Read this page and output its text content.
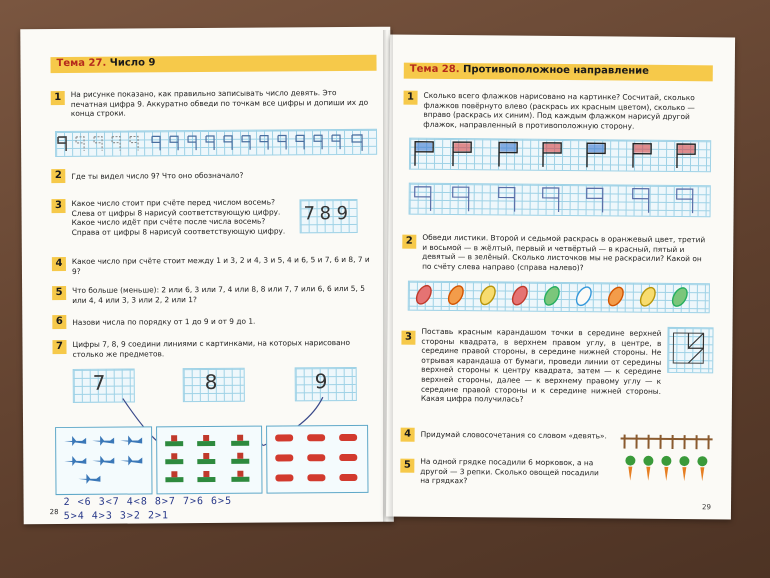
Тема 27. Число 9
1	На рисунке показано, как правильно записывать число девять. Это печатная цифра 9. Аккуратно обведи по точкам все цифры и допиши их до конца строки.
2	Где ты видел число 9? Что оно обозначало?
3	Какое число стоит при счёте перед числом восемь? Слева от цифры 8 нарисуй соответствующую цифру. Какое число идёт при счёте после числа восемь? Справа от цифры 8 нарисуй соответствующую цифру.
7 8 9
4	Какое число при счёте стоит между 1 и 3, 2 и 4, 3 и 5, 4 и 6, 5 и 7, 6 и 8, 7 и 9?
5	Что больше (меньше): 2 или 6, 3 или 7, 4 или 8, 8 или 7, 7 или 6, 6 или 5, 5 или 4, 4 или 3, 3 или 2, 2 или 1?
6	Назови числа по порядку от 1 до 9 и от 9 до 1.
7	Цифры 7, 8, 9 соедини линиями с картинками, на которых нарисовано столько же предметов.
7	8	9
2 <6 3<7 4<8 8>7 7>6 6>5
5>4 4>3 3>2 2>1
28
Тема 28. Противоположное направление
1	Сколько всего флажков нарисовано на картинке? Сосчитай, сколько флажков повёрнуто влево (раскрась их красным цветом), сколько — вправо (раскрась их синим). Под каждым флажком нарисуй другой флажок, направленный в противоположную сторону.
2	Обведи листики. Второй и седьмой раскрась в оранжевый цвет, третий и восьмой — в жёлтый, первый и четвёртый — в красный, пятый и девятый — в зелёный. Сколько листочков мы не раскрасили? Какой он по счёту слева направо (справа налево)?
3	Поставь красным карандашом точки в середине верхней стороны квадрата, в верхнем правом углу, в центре, в середине правой стороны, в середине нижней стороны. Не отрывая карандаша от бумаги, проведи линии от середины верхней стороны к центру квадрата, затем — к середине верхней стороны, далее — к верхнему правому углу — к середине правой стороны и к середине нижней стороны. Какая цифра получилась?
4	Придумай словосочетания со словом «девять».
5	На одной грядке посадили 6 морковок, а на другой — 3 репки. Сколько овощей посадили на грядках?
29
